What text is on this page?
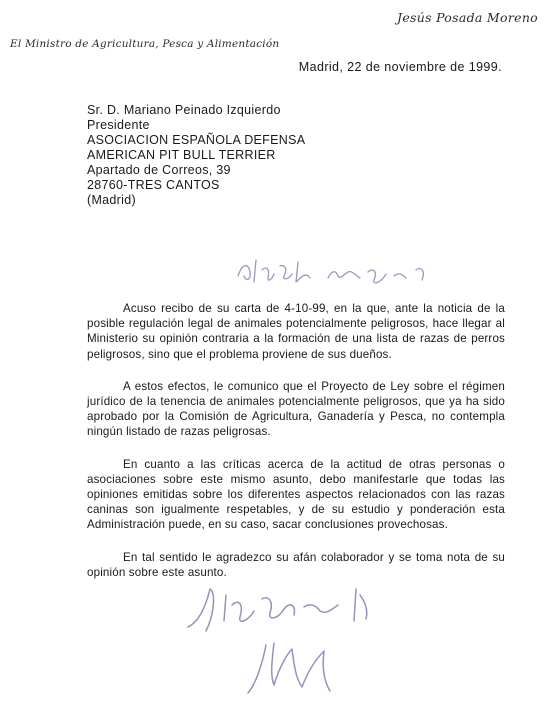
Jesús Posada Moreno
El Ministro de Agricultura, Pesca y Alimentación
Madrid, 22 de noviembre de 1999.
Sr. D. Mariano Peinado Izquierdo
Presidente
ASOCIACION ESPAÑOLA DEFENSA
AMERICAN PIT BULL TERRIER
Apartado de Correos, 39
28760-TRES CANTOS
(Madrid)

Acuso recibo de su carta de 4-10-99, en la que, ante la noticia de la posible regulación legal de animales potencialmente peligrosos, hace llegar al Ministerio su opinión contraria a la formación de una lista de razas de perros peligrosos, sino que el problema proviene de sus dueños.

A estos efectos, le comunico que el Proyecto de Ley sobre el régimen jurídico de la tenencia de animales potencialmente peligrosos, que ya ha sido aprobado por la Comisión de Agricultura, Ganadería y Pesca, no contempla ningún listado de razas peligrosas.

En cuanto a las críticas acerca de la actitud de otras personas o asociaciones sobre este mismo asunto, debo manifestarle que todas las opiniones emitidas sobre los diferentes aspectos relacionados con las razas caninas son igualmente respetables, y de su estudio y ponderación esta Administración puede, en su caso, sacar conclusiones provechosas.

En tal sentido le agradezco su afán colaborador y se toma nota de su opinión sobre este asunto.
